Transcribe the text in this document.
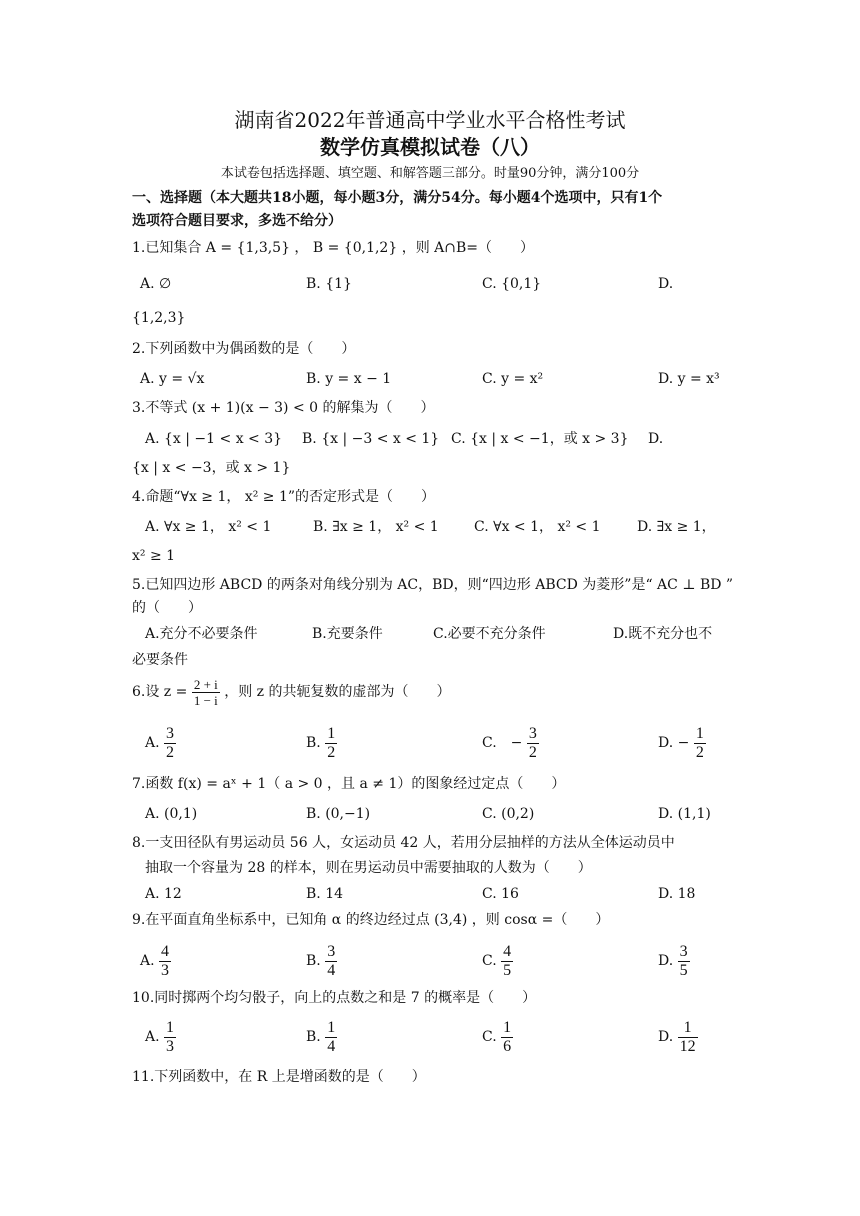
湖南省2022年普通高中学业水平合格性考试
数学仿真模拟试卷（八）
本试卷包括选择题、填空题、和解答题三部分。时量90分钟，满分100分
一、选择题（本大题共18小题，每小题3分，满分54分。每小题4个选项中，只有1个
选项符合题目要求，多选不给分）
1.已知集合 A = {1,3,5} ， B = {0,1,2} ，则 A∩B=（　　）
A. ∅	B. {1}	C. {0,1}	D.
{1,2,3}
2.下列函数中为偶函数的是（　　）
A. y = √x	B. y = x − 1	C. y = x²	D. y = x³
3.不等式 (x + 1)(x − 3) < 0 的解集为（　　）
A. {x | −1 < x < 3} B. {x | −3 < x < 1} C. {x | x < −1，或 x > 3} D.
{x | x < −3，或 x > 1}
4.命题“∀x ≥ 1， x² ≥ 1”的否定形式是（　　）
A. ∀x ≥ 1， x² < 1	B. ∃x ≥ 1， x² < 1	C. ∀x < 1， x² < 1	D. ∃x ≥ 1，
x² ≥ 1
5.已知四边形 ABCD 的两条对角线分别为 AC，BD，则“四边形 ABCD 为菱形”是“ AC ⊥ BD ”
的（　　）
A.充分不必要条件	B.充要条件	C.必要不充分条件	D.既不充分也不
必要条件
6.设 $z = \frac{2 + i}{1 - i}$ ，则 z 的共轭复数的虚部为（　　）
A. $\frac{3}{2}$	B. $\frac{1}{2}$	C.　− $\frac{3}{2}$	D. − $\frac{1}{2}$
7.函数 f(x) = aˣ + 1（ a > 0 ，且 a ≠ 1）的图象经过定点（　　）
A. (0,1)	B. (0,−1)	C. (0,2)	D. (1,1)
8.一支田径队有男运动员 56 人，女运动员 42 人，若用分层抽样的方法从全体运动员中
抽取一个容量为 28 的样本，则在男运动员中需要抽取的人数为（　　）
A. 12	B. 14	C. 16	D. 18
9.在平面直角坐标系中，已知角 α 的终边经过点 (3,4) ，则 cosα =（　　）
A. $\frac{4}{3}$	B. $\frac{3}{4}$	C. $\frac{4}{5}$	D. $\frac{3}{5}$
10.同时掷两个均匀骰子，向上的点数之和是 7 的概率是（　　）
A. $\frac{1}{3}$	B. $\frac{1}{4}$	C. $\frac{1}{6}$	D. $\frac{1}{12}$
11.下列函数中，在 R 上是增函数的是（　　）
